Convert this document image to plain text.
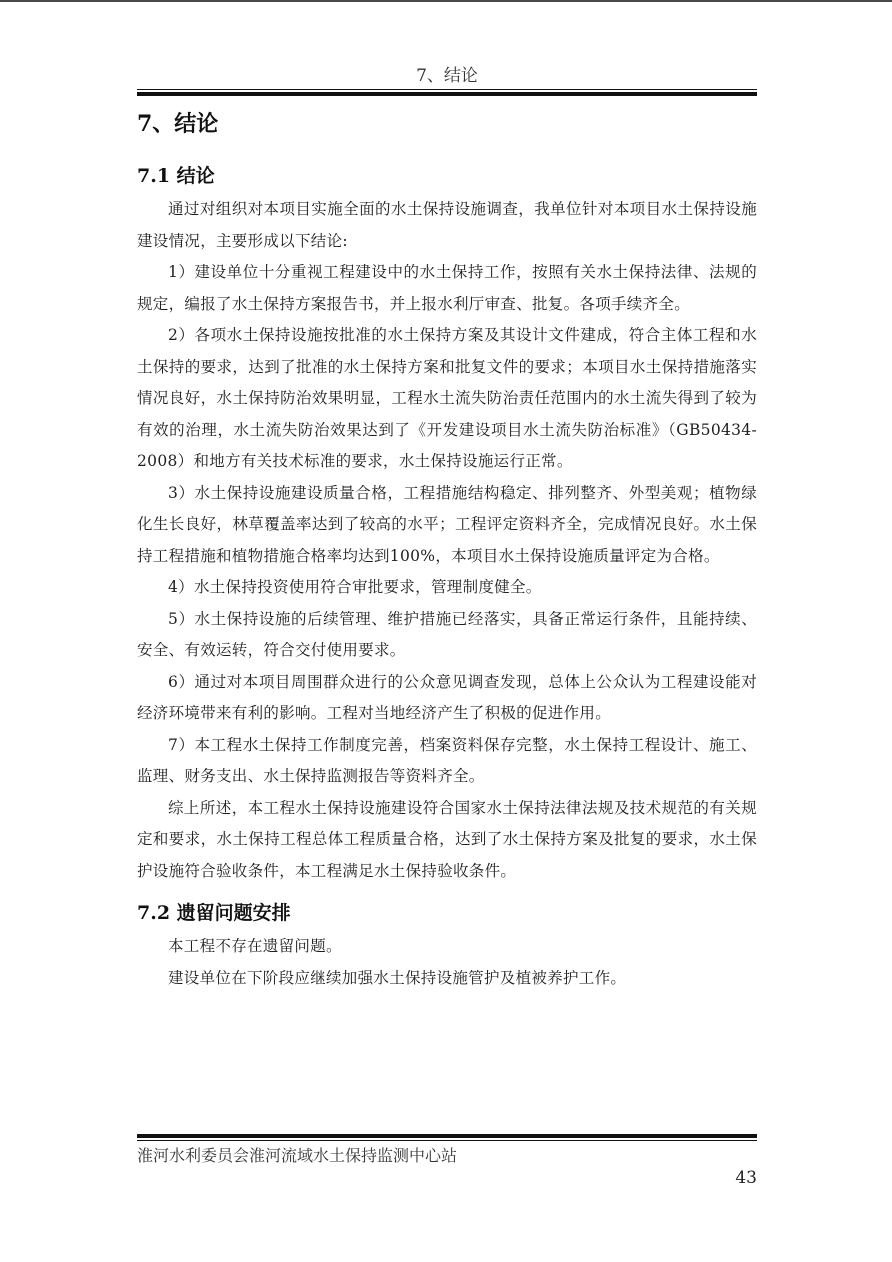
7、结论
7、结论
7.1 结论

通过对组织对本项目实施全面的水土保持设施调查，我单位针对本项目水土保持设施建设情况，主要形成以下结论:

1）建设单位十分重视工程建设中的水土保持工作，按照有关水土保持法律、法规的规定，编报了水土保持方案报告书，并上报水利厅审查、批复。各项手续齐全。

2）各项水土保持设施按批准的水土保持方案及其设计文件建成，符合主体工程和水土保持的要求，达到了批准的水土保持方案和批复文件的要求；本项目水土保持措施落实情况良好，水土保持防治效果明显，工程水土流失防治责任范围内的水土流失得到了较为有效的治理，水土流失防治效果达到了《开发建设项目水土流失防治标准》（GB50434-2008）和地方有关技术标准的要求，水土保持设施运行正常。

3）水土保持设施建设质量合格，工程措施结构稳定、排列整齐、外型美观；植物绿化生长良好，林草覆盖率达到了较高的水平；工程评定资料齐全，完成情况良好。水土保持工程措施和植物措施合格率均达到100%，本项目水土保持设施质量评定为合格。

4）水土保持投资使用符合审批要求，管理制度健全。

5）水土保持设施的后续管理、维护措施已经落实，具备正常运行条件，且能持续、安全、有效运转，符合交付使用要求。

6）通过对本项目周围群众进行的公众意见调查发现，总体上公众认为工程建设能对经济环境带来有利的影响。工程对当地经济产生了积极的促进作用。

7）本工程水土保持工作制度完善，档案资料保存完整，水土保持工程设计、施工、监理、财务支出、水土保持监测报告等资料齐全。

综上所述，本工程水土保持设施建设符合国家水土保持法律法规及技术规范的有关规定和要求，水土保持工程总体工程质量合格，达到了水土保持方案及批复的要求，水土保护设施符合验收条件，本工程满足水土保持验收条件。

7.2 遗留问题安排

本工程不存在遗留问题。

建设单位在下阶段应继续加强水土保持设施管护及植被养护工作。

淮河水利委员会淮河流域水土保持监测中心站
43
